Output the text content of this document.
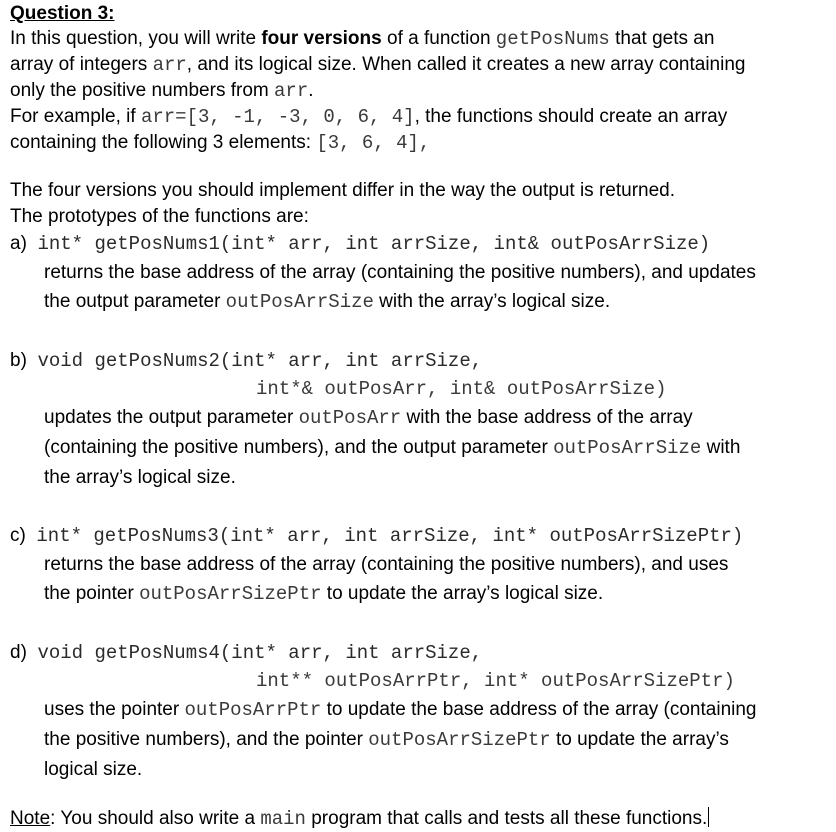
Question 3:
In this question, you will write four versions of a function getPosNums that gets an
array of integers arr, and its logical size. When called it creates a new array containing
only the positive numbers from arr.
For example, if arr=[3, -1, -3, 0, 6, 4], the functions should create an array
containing the following 3 elements: [3, 6, 4],
The four versions you should implement differ in the way the output is returned.
The prototypes of the functions are:
a) int* getPosNums1(int* arr, int arrSize, int& outPosArrSize)
returns the base address of the array (containing the positive numbers), and updates
the output parameter outPosArrSize with the array’s logical size.
b) void getPosNums2(int* arr, int arrSize,
int*& outPosArr, int& outPosArrSize)
updates the output parameter outPosArr with the base address of the array
(containing the positive numbers), and the output parameter outPosArrSize with
the array’s logical size.
c) int* getPosNums3(int* arr, int arrSize, int* outPosArrSizePtr)
returns the base address of the array (containing the positive numbers), and uses
the pointer outPosArrSizePtr to update the array’s logical size.
d) void getPosNums4(int* arr, int arrSize,
int** outPosArrPtr, int* outPosArrSizePtr)
uses the pointer outPosArrPtr to update the base address of the array (containing
the positive numbers), and the pointer outPosArrSizePtr to update the array’s
logical size.
Note: You should also write a main program that calls and tests all these functions.
